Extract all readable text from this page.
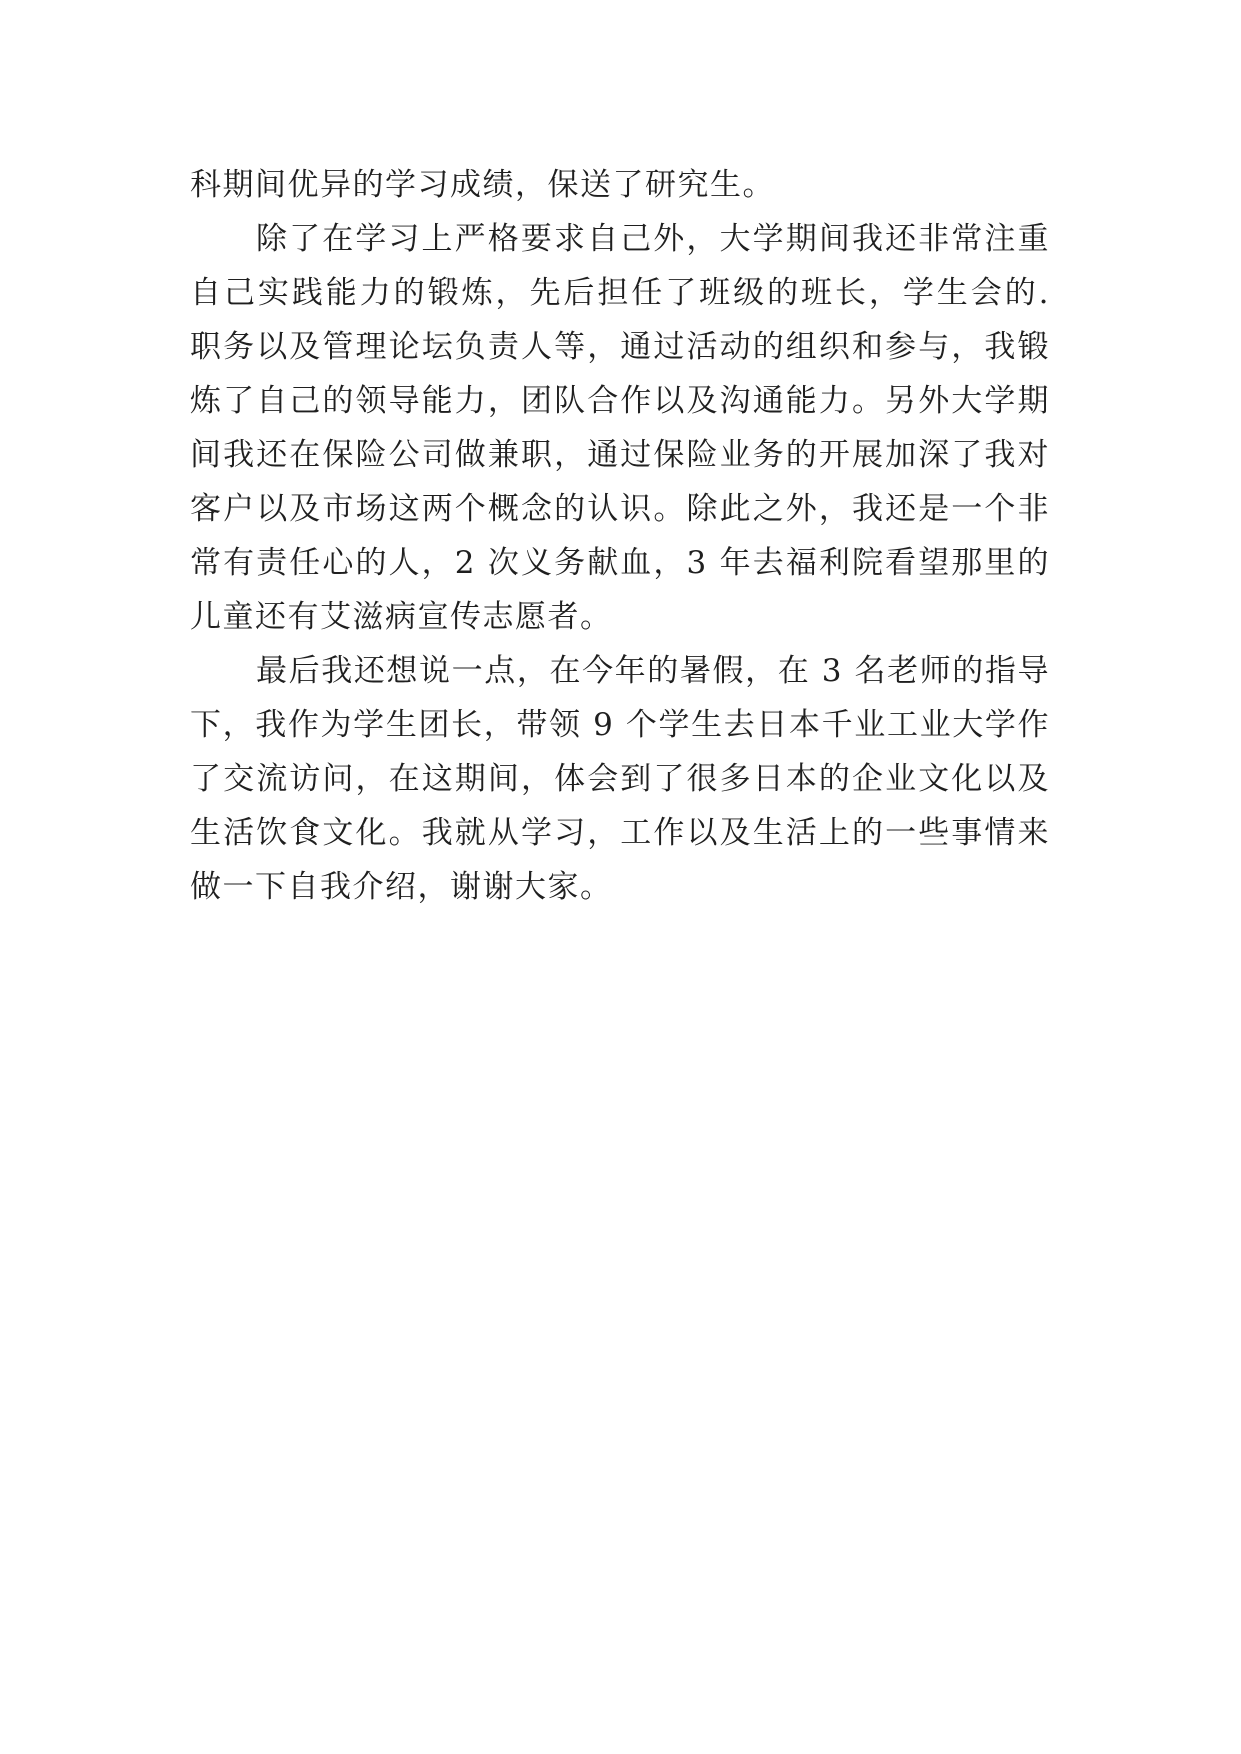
科期间优异的学习成绩，保送了研究生。
除了在学习上严格要求自己外，大学期间我还非常注重
自己实践能力的锻炼，先后担任了班级的班长，学生会的.
职务以及管理论坛负责人等，通过活动的组织和参与，我锻
炼了自己的领导能力，团队合作以及沟通能力。另外大学期
间我还在保险公司做兼职，通过保险业务的开展加深了我对
客户以及市场这两个概念的认识。除此之外，我还是一个非
常有责任心的人，2 次义务献血，3 年去福利院看望那里的
儿童还有艾滋病宣传志愿者。
最后我还想说一点，在今年的暑假，在 3 名老师的指导
下，我作为学生团长，带领 9 个学生去日本千业工业大学作
了交流访问，在这期间，体会到了很多日本的企业文化以及
生活饮食文化。我就从学习，工作以及生活上的一些事情来
做一下自我介绍，谢谢大家。
